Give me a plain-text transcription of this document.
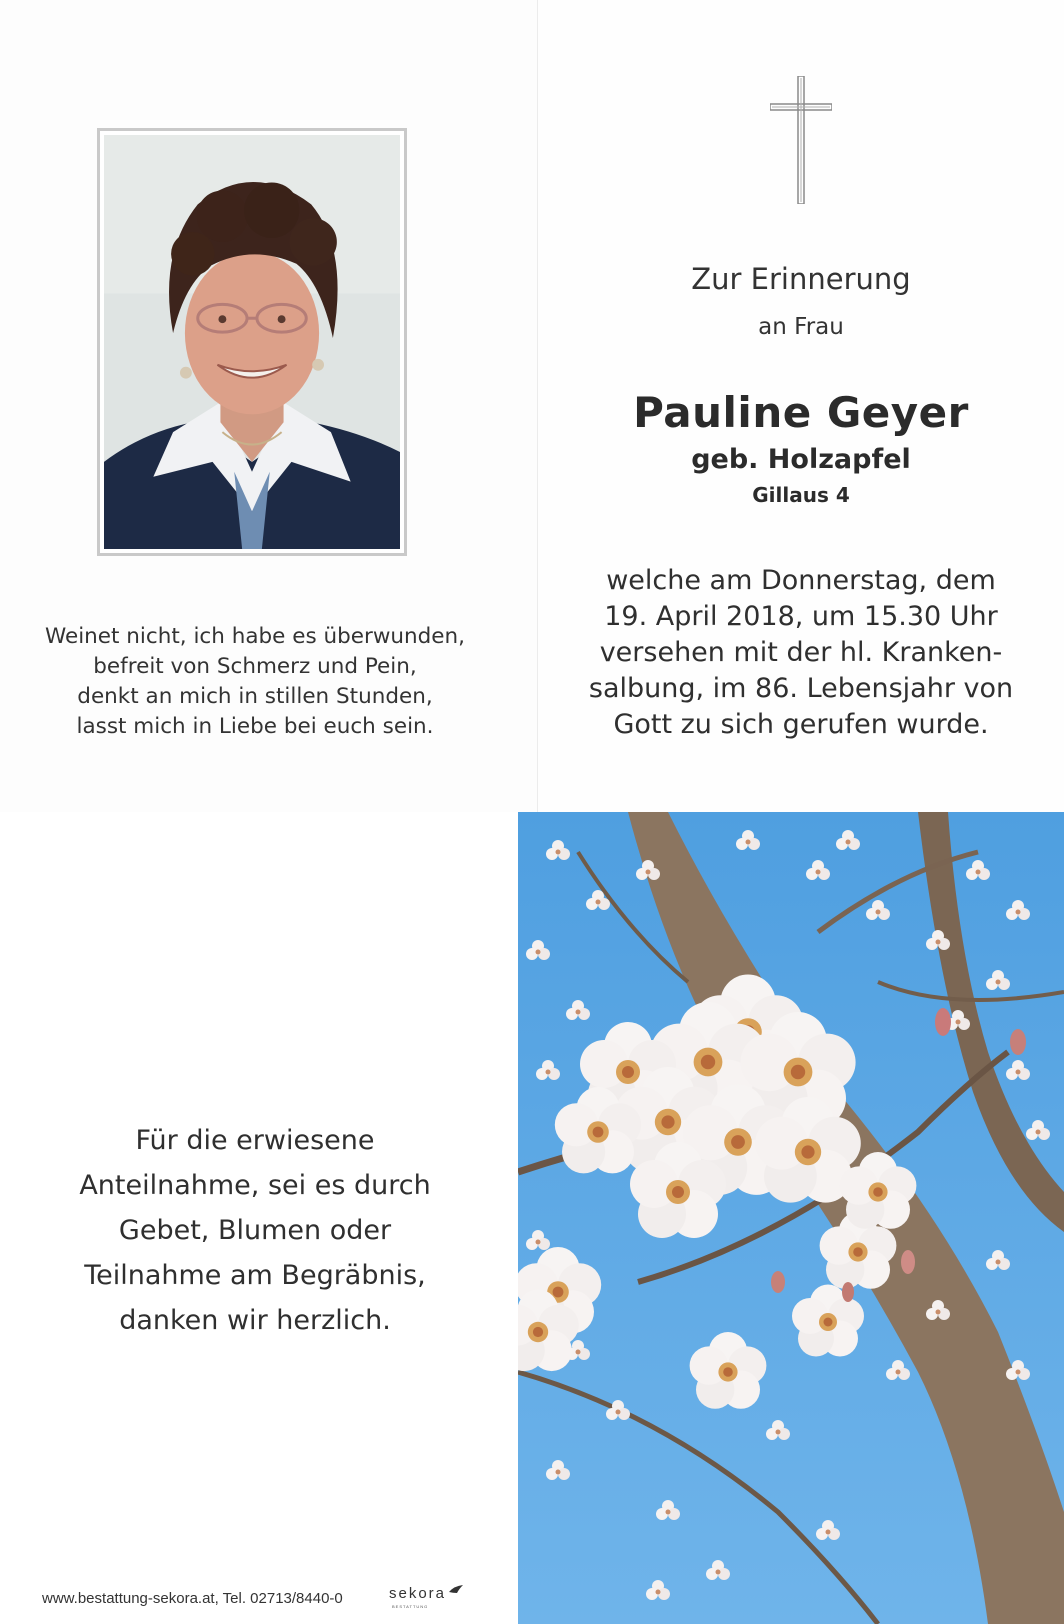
Weinet nicht, ich habe es überwunden,
befreit von Schmerz und Pein,
denkt an mich in stillen Stunden,
lasst mich in Liebe bei euch sein.
Zur Erinnerung
an Frau
Pauline Geyer
geb. Holzapfel
Gillaus 4
welche am Donnerstag, dem
19. April 2018, um 15.30 Uhr
versehen mit der hl. Kranken-
salbung, im 86. Lebensjahr von
Gott zu sich gerufen wurde.
Für die erwiesene
Anteilnahme, sei es durch
Gebet, Blumen oder
Teilnahme am Begräbnis,
danken wir herzlich.
www.bestattung-sekora.at, Tel. 02713/8440-0	sekora
BESTATTUNG
